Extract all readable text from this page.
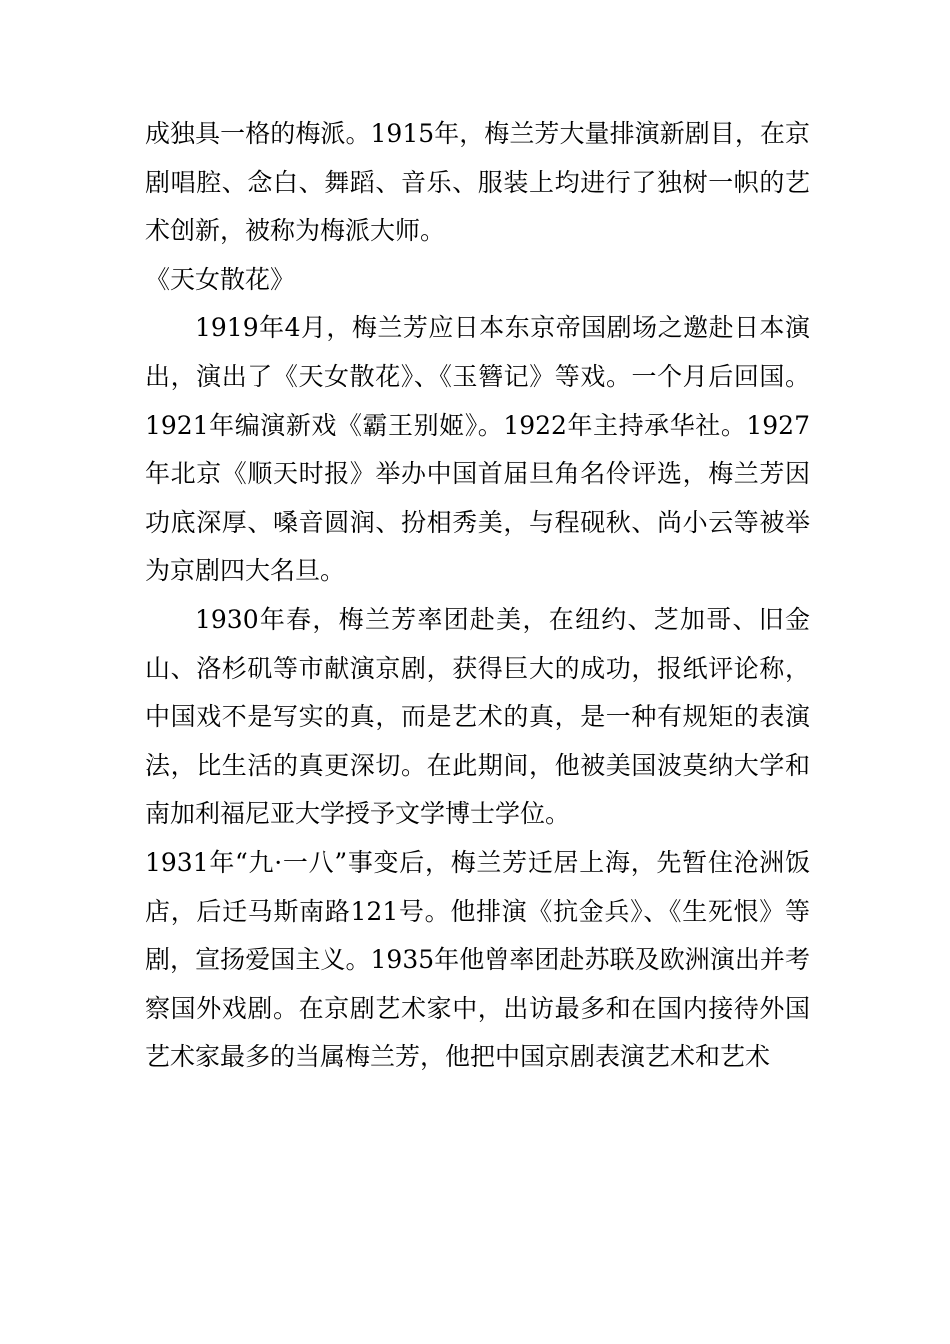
成独具一格的梅派。1915年，梅兰芳大量排演新剧目，在京剧唱腔、念白、舞蹈、音乐、服装上均进行了独树一帜的艺术创新，被称为梅派大师。

《天女散花》

1919年4月，梅兰芳应日本东京帝国剧场之邀赴日本演出，演出了《天女散花》、《玉簪记》等戏。一个月后回国。1921年编演新戏《霸王别姬》。1922年主持承华社。1927年北京《顺天时报》举办中国首届旦角名伶评选，梅兰芳因功底深厚、嗓音圆润、扮相秀美，与程砚秋、尚小云等被举为京剧四大名旦。

1930年春，梅兰芳率团赴美，在纽约、芝加哥、旧金山、洛杉矶等市献演京剧，获得巨大的成功，报纸评论称，中国戏不是写实的真，而是艺术的真，是一种有规矩的表演法，比生活的真更深切。在此期间，他被美国波莫纳大学和南加利福尼亚大学授予文学博士学位。

1931年“九·一八”事变后，梅兰芳迁居上海，先暂住沧洲饭店，后迁马斯南路121号。他排演《抗金兵》、《生死恨》等剧，宣扬爱国主义。1935年他曾率团赴苏联及欧洲演出并考察国外戏剧。在京剧艺术家中，出访最多和在国内接待外国艺术家最多的当属梅兰芳，他把中国京剧表演艺术和艺术
